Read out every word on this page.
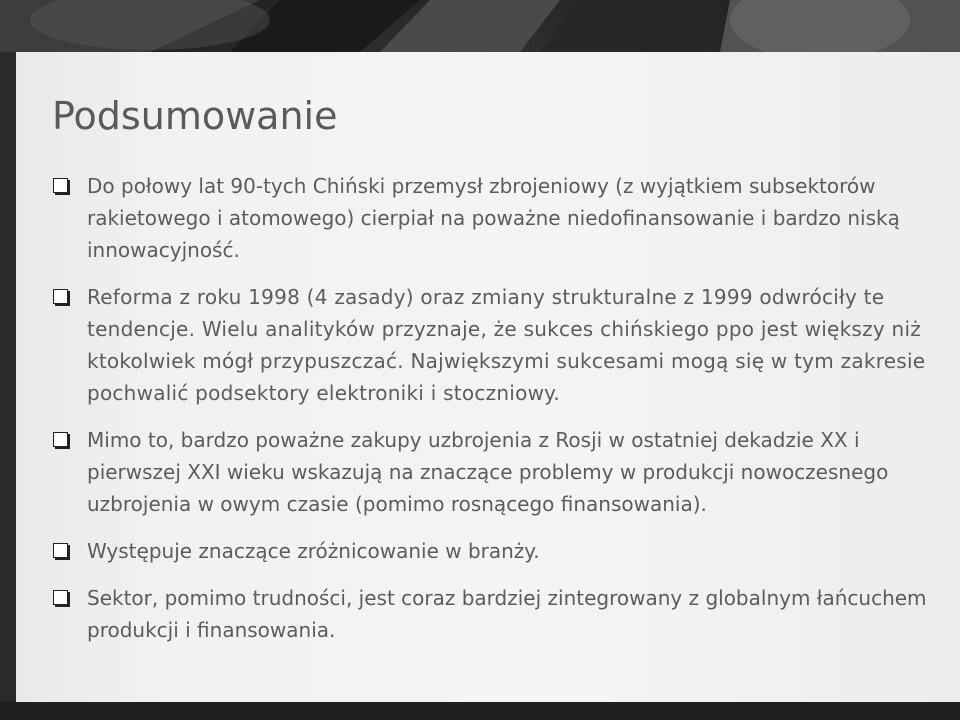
Podsumowanie
Do połowy lat 90-tych Chiński przemysł zbrojeniowy (z wyjątkiem subsektorów rakietowego i atomowego) cierpiał na poważne niedofinansowanie i bardzo niską innowacyjność.
Reforma z roku 1998 (4 zasady) oraz zmiany strukturalne z 1999 odwróciły te tendencje. Wielu analityków przyznaje, że sukces chińskiego ppo jest większy niż ktokolwiek mógł przypuszczać. Największymi sukcesami mogą się w tym zakresie pochwalić podsektory elektroniki i stoczniowy.
Mimo to, bardzo poważne zakupy uzbrojenia z Rosji w ostatniej dekadzie XX i pierwszej XXI wieku wskazują na znaczące problemy w produkcji nowoczesnego uzbrojenia w owym czasie (pomimo rosnącego finansowania).
Występuje znaczące zróżnicowanie w branży.
Sektor, pomimo trudności, jest coraz bardziej zintegrowany z globalnym łańcuchem produkcji i finansowania.
